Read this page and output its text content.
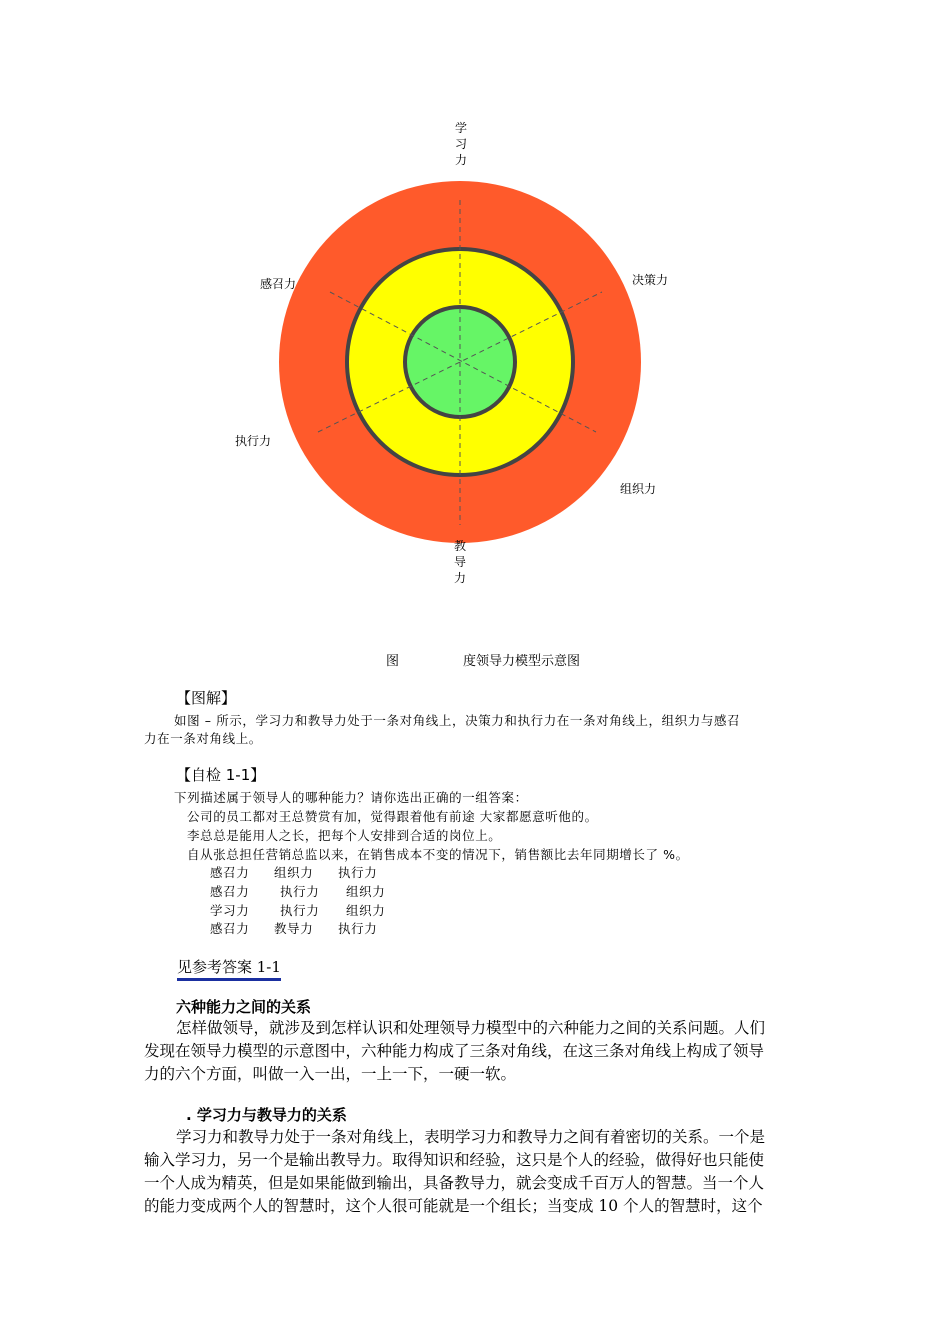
决策力
感召力
执行力
组织力
学
习
力
教
导
力
图	度领导力模型示意图
【图解】
如图 – 所示，学习力和教导力处于一条对角线上，决策力和执行力在一条对角线上，组织力与感召
力在一条对角线上。
【自检 1-1】
下列描述属于领导人的哪种能力？请你选出正确的一组答案：
公司的员工都对王总赞赏有加，觉得跟着他有前途 大家都愿意听他的。
李总总是能用人之长，把每个人安排到合适的岗位上。
自从张总担任营销总监以来，在销售成本不变的情况下，销售额比去年同期增长了 %。
感召力 组织力 执行力
感召力 执行力 组织力
学习力 执行力 组织力
感召力 教导力 执行力
见参考答案 1-1
六种能力之间的关系
怎样做领导，就涉及到怎样认识和处理领导力模型中的六种能力之间的关系问题。人们
发现在领导力模型的示意图中，六种能力构成了三条对角线，在这三条对角线上构成了领导
力的六个方面，叫做一入一出，一上一下，一硬一软。
. 学习力与教导力的关系
学习力和教导力处于一条对角线上，表明学习力和教导力之间有着密切的关系。一个是
输入学习力，另一个是输出教导力。取得知识和经验，这只是个人的经验，做得好也只能使
一个人成为精英，但是如果能做到输出，具备教导力，就会变成千百万人的智慧。当一个人
的能力变成两个人的智慧时，这个人很可能就是一个组长；当变成 10 个人的智慧时，这个
